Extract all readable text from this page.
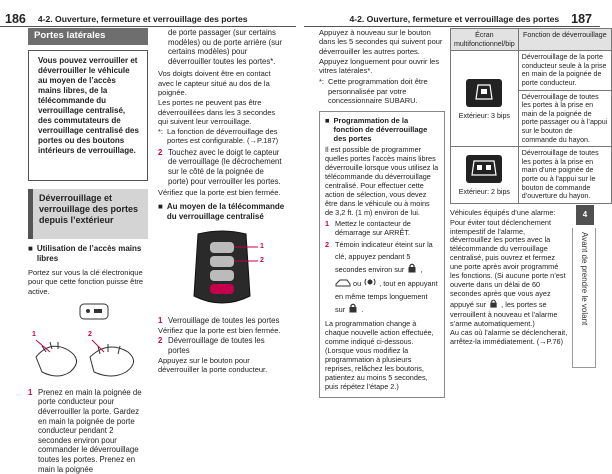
186 4-2. Ouverture, fermeture et verrouillage des portes	4-2. Ouverture, fermeture et verrouillage des portes 187
Portes latérales
Vous pouvez verrouiller et déverrouiller le véhicule au moyen de l’accès mains libres, de la télécommande du verrouillage centralisé, des commutateurs de verrouillage centralisé des portes ou des boutons intérieurs de verrouillage.
Déverrouillage et verrouillage des portes depuis l’extérieur
■ Utilisation de l’accès mains libres

Portez sur vous la clé électronique pour que cette fonction puisse être active.

1	2
1 Prenez en main la poignée de porte conducteur pour déverrouiller la porte. Gardez en main la poignée de porte conducteur pendant 2 secondes environ pour commander le déverrouillage toutes les portes. Prenez en main la poignée

de porte passager (sur certains modèles) ou de porte arrière (sur certains modèles) pour déverrouiller toutes les portes*.

Vos doigts doivent être en contact avec le capteur situé au dos de la poignée.

Les portes ne peuvent pas être déverrouillées dans les 3 secondes qui suivent leur verrouillage.

*: La fonction de déverrouillage des portes est configurable. (→P.187)
2 Touchez avec le doigt le capteur de verrouillage (le décrochement sur le côté de la poignée de porte) pour verrouiller les portes.

Vérifiez que la porte est bien fermée.

■ Au moyen de la télécommande du verrouillage centralisé
1
2
1 Verrouillage de toutes les portes

Vérifiez que la porte est bien fermée.

2 Déverrouillage de toutes les portes

Appuyez sur le bouton pour déverrouiller la porte conducteur.

Appuyez à nouveau sur le bouton dans les 5 secondes qui suivent pour déverrouiller les autres portes.

Appuyez longuement pour ouvrir les vitres latérales*.

*: Cette programmation doit être personnalisée par votre concessionnaire SUBARU.
■ Programmation de la fonction de déverrouillage des portes

Il est possible de programmer quelles portes l’accès mains libres déverrouille lorsque vous utilisez la télécommande du déverrouillage centralisé. Pour effectuer cette action de sélection, vous devez être dans le véhicule ou à moins de 3,2 ft. (1 m) environ de lui.

1 Mettez le contacteur de démarrage sur ARRÊT.
2 Témoin indicateur éteint sur la clé, appuyez pendant 5 secondes environ sur  ,  ou , tout en appuyant en même temps longuement sur  .

La programmation change à chaque nouvelle action effectuée, comme indiqué ci-dessous. (Lorsque vous modifiez la programmation à plusieurs reprises, relâchez les boutons, patientez au moins 5 secondes, puis répétez l’étape 2.)

Écran multifonctionnel/bip	Fonction de déverrouillage

Extérieur: 3 bips	Déverrouillage de la porte conducteur seule à la prise en main de la poignée de porte conducteur.
	Déverrouillage de toutes les portes à la prise en main de la poignée de porte passager ou à l’appui sur le bouton de commande du hayon.

Extérieur: 2 bips	Déverrouillage de toutes les portes à la prise en main d’une poignée de porte ou à l’appui sur le bouton de commande d’ouverture du hayon.

Véhicules équipés d’une alarme:

Pour éviter tout déclenchement intempestif de l’alarme, déverrouillez les portes avec la télécommande du verrouillage centralisé, puis ouvrez et fermez une porte après avoir programmé les fonctions. (Si aucune porte n’est ouverte dans un délai de 60 secondes après que vous ayez appuyé sur , les portes se verrouillent à nouveau et l’alarme s’arme automatiquement.)

Au cas où l’alarme se déclencherait, arrêtez-la immédiatement. (→P.76)

4
Avant de prendre le volant
